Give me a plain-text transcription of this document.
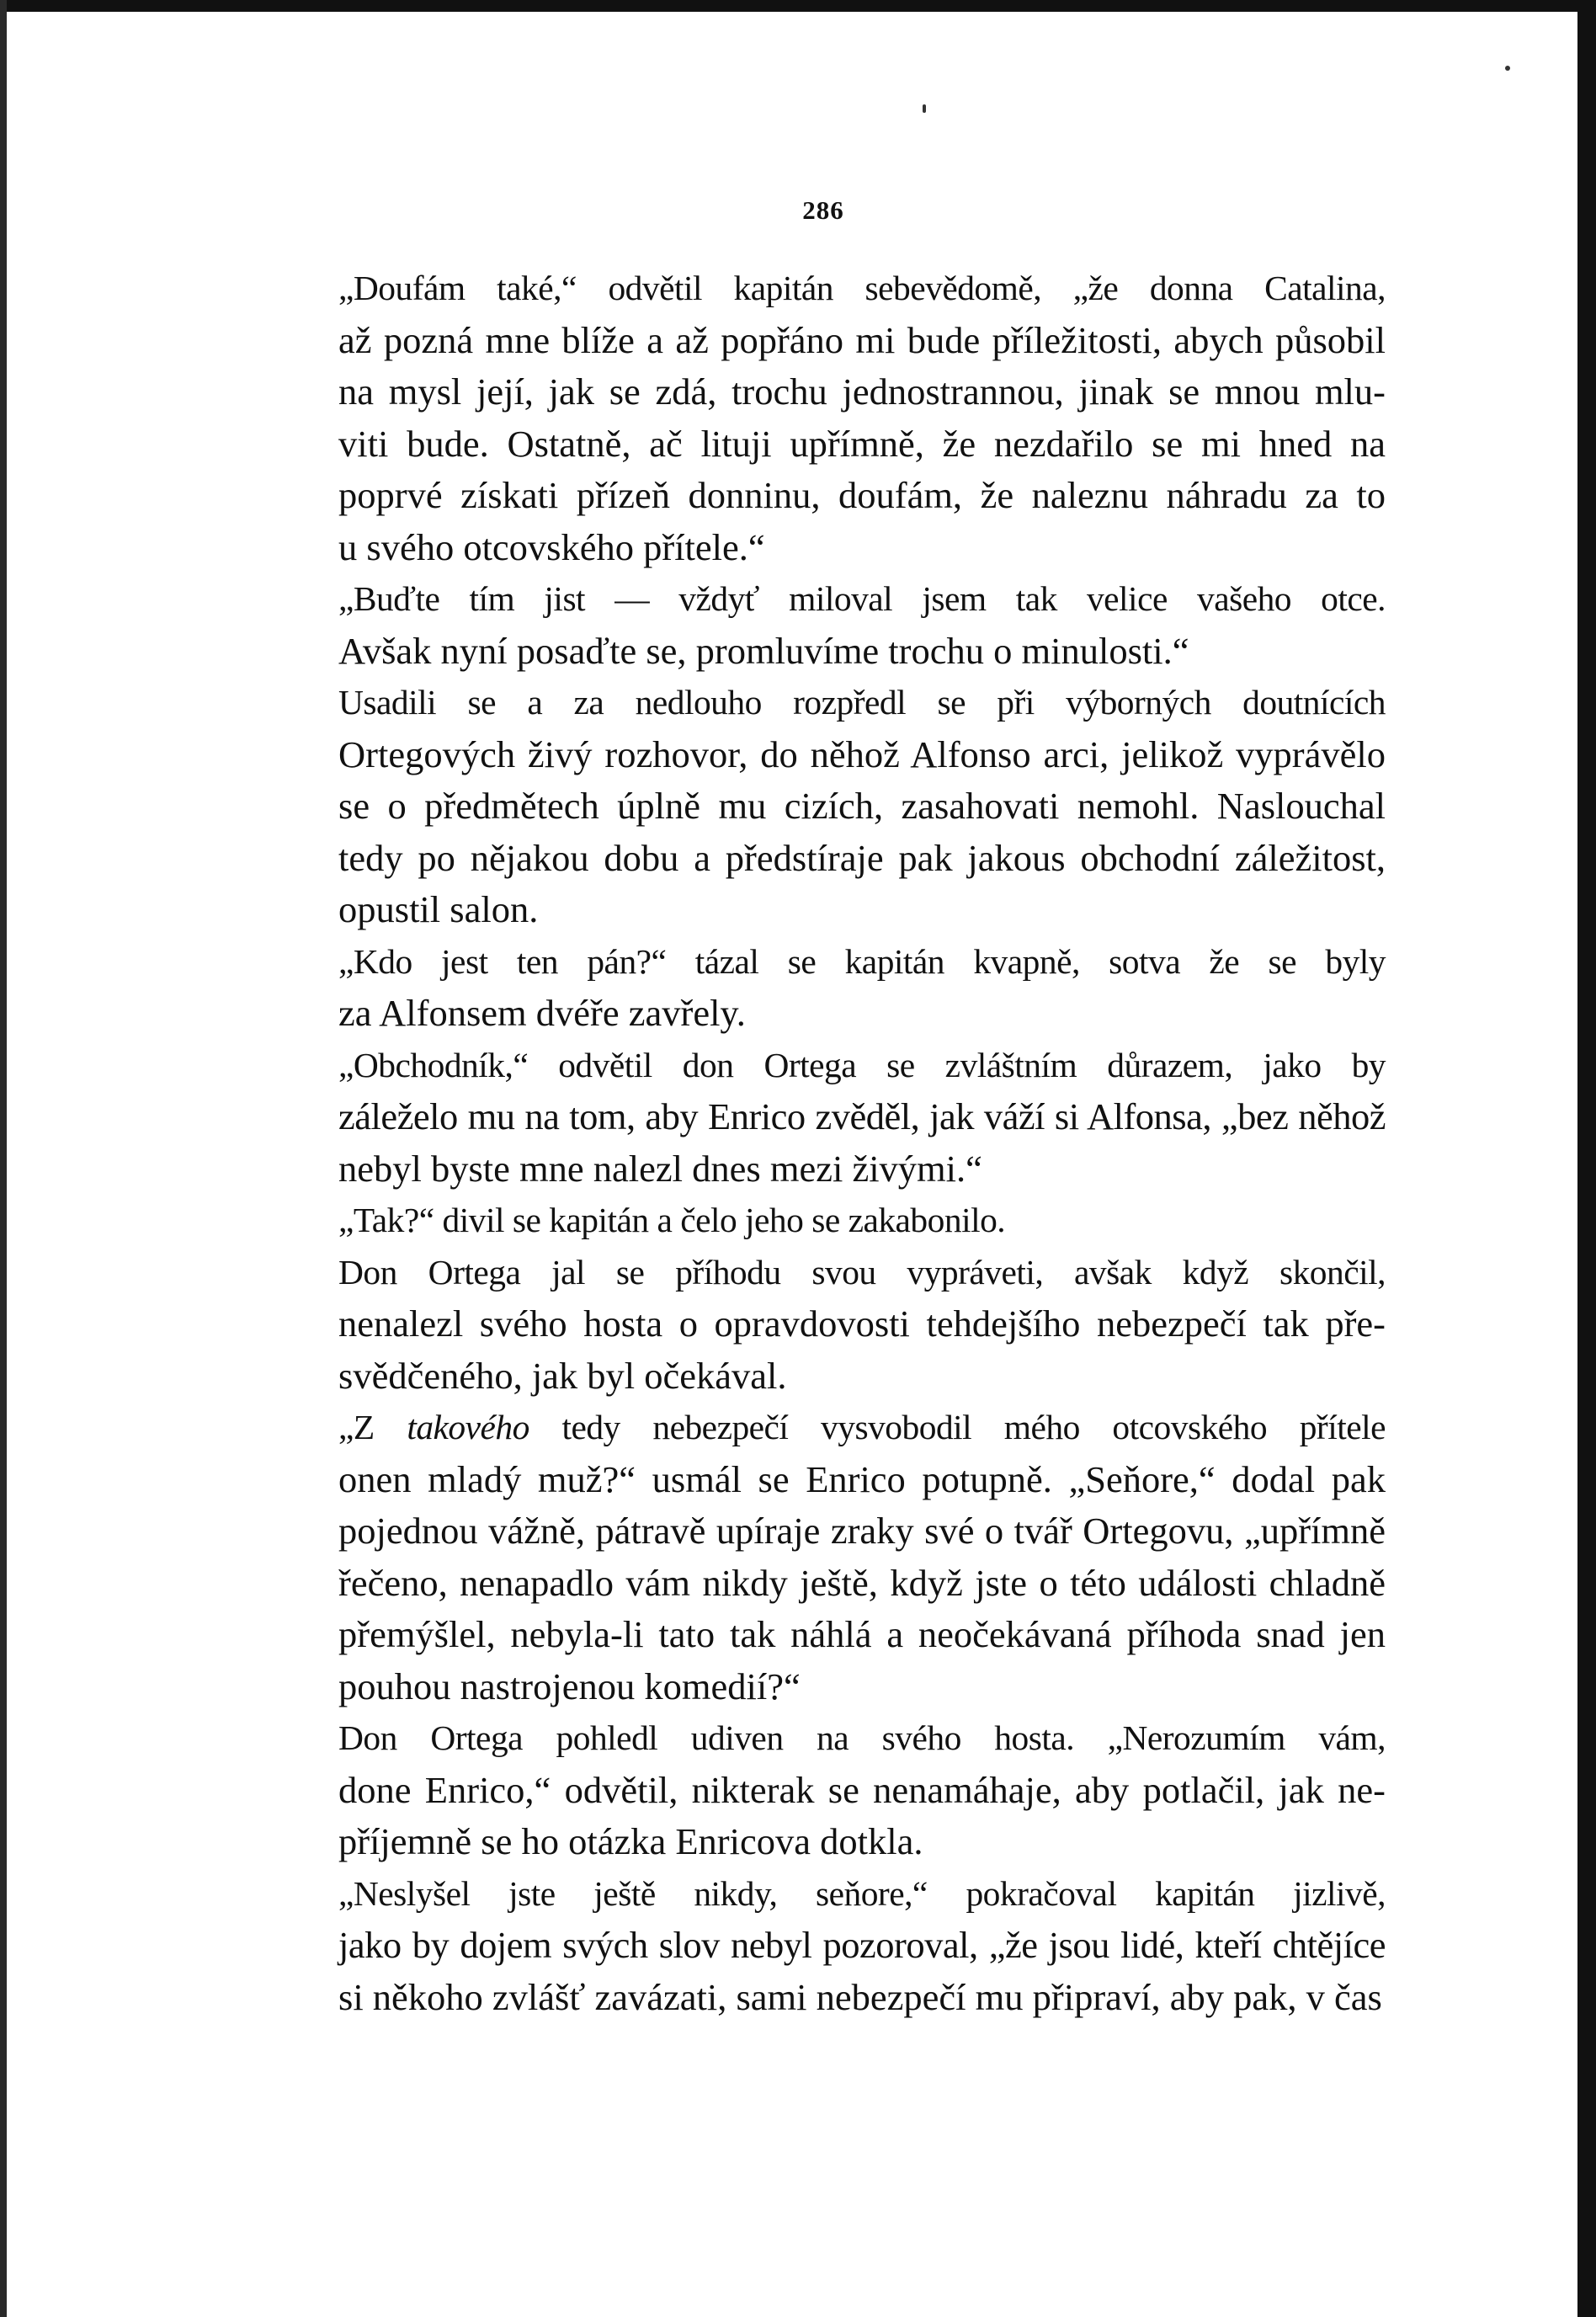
286

„Doufám také,“ odvětil kapitán sebevědomě, „že donna Catalina,
až pozná mne blíže a až popřáno mi bude příležitosti, abych působil
na mysl její, jak se zdá, trochu jednostrannou, jinak se mnou mlu-
viti bude. Ostatně, ač lituji upřímně, že nezdařilo se mi hned na
poprvé získati přízeň donninu, doufám, že naleznu náhradu za to
u svého otcovského přítele.“

„Buďte tím jist — vždyť miloval jsem tak velice vašeho otce.
Avšak nyní posaďte se, promluvíme trochu o minulosti.“

Usadili se a za nedlouho rozpředl se při výborných doutnících
Ortegových živý rozhovor, do něhož Alfonso arci, jelikož vyprávělo
se o předmětech úplně mu cizích, zasahovati nemohl. Naslouchal
tedy po nějakou dobu a předstíraje pak jakous obchodní záležitost,
opustil salon.

„Kdo jest ten pán?“ tázal se kapitán kvapně, sotva že se byly
za Alfonsem dvéře zavřely.

„Obchodník,“ odvětil don Ortega se zvláštním důrazem, jako by
záleželo mu na tom, aby Enrico zvěděl, jak váží si Alfonsa, „bez něhož
nebyl byste mne nalezl dnes mezi živými.“

„Tak?“ divil se kapitán a čelo jeho se zakabonilo.

Don Ortega jal se příhodu svou vypráveti, avšak když skončil,
nenalezl svého hosta o opravdovosti tehdejšího nebezpečí tak pře-
svědčeného, jak byl očekával.

„Z takového tedy nebezpečí vysvobodil mého otcovského přítele
onen mladý muž?“ usmál se Enrico potupně. „Seňore,“ dodal pak
pojednou vážně, pátravě upíraje zraky své o tvář Ortegovu, „upřímně
řečeno, nenapadlo vám nikdy ještě, když jste o této události chladně
přemýšlel, nebyla-li tato tak náhlá a neočekávaná příhoda snad jen
pouhou nastrojenou komedií?“

Don Ortega pohledl udiven na svého hosta. „Nerozumím vám,
done Enrico,“ odvětil, nikterak se nenamáhaje, aby potlačil, jak ne-
příjemně se ho otázka Enricova dotkla.

„Neslyšel jste ještě nikdy, seňore,“ pokračoval kapitán jizlivě,
jako by dojem svých slov nebyl pozoroval, „že jsou lidé, kteří chtějíce
si někoho zvlášť zavázati, sami nebezpečí mu připraví, aby pak, v čas
